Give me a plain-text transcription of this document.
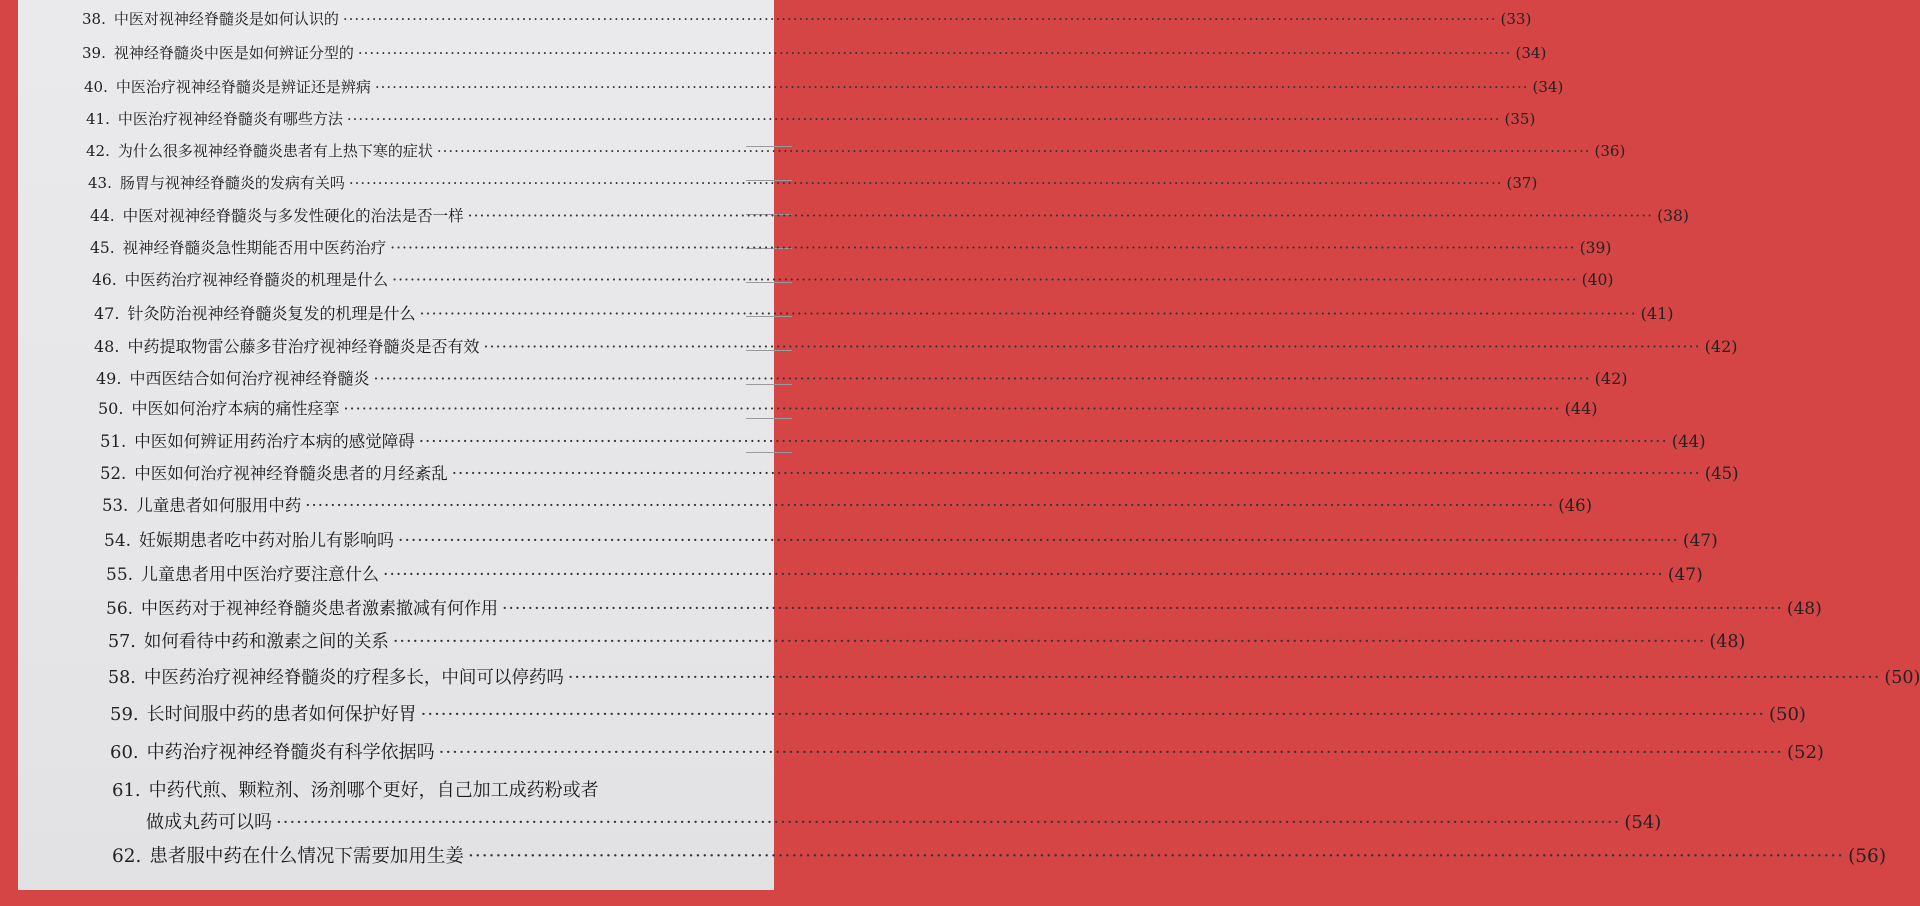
38. 中医对视神经脊髓炎是如何认识的 ········································································································································································································ (33)
39. 视神经脊髓炎中医是如何辨证分型的 ········································································································································································································ (34)
40. 中医治疗视神经脊髓炎是辨证还是辨病 ········································································································································································································ (34)
41. 中医治疗视神经脊髓炎有哪些方法 ········································································································································································································ (35)
42. 为什么很多视神经脊髓炎患者有上热下寒的症状 ········································································································································································································ (36)
43. 肠胃与视神经脊髓炎的发病有关吗 ········································································································································································································ (37)
44. 中医对视神经脊髓炎与多发性硬化的治法是否一样 ········································································································································································································ (38)
45. 视神经脊髓炎急性期能否用中医药治疗 ········································································································································································································ (39)
46. 中医药治疗视神经脊髓炎的机理是什么 ········································································································································································································ (40)
47. 针灸防治视神经脊髓炎复发的机理是什么 ········································································································································································································ (41)
48. 中药提取物雷公藤多苷治疗视神经脊髓炎是否有效 ········································································································································································································ (42)
49. 中西医结合如何治疗视神经脊髓炎 ········································································································································································································ (42)
50. 中医如何治疗本病的痛性痉挛 ········································································································································································································ (44)
51. 中医如何辨证用药治疗本病的感觉障碍 ········································································································································································································ (44)
52. 中医如何治疗视神经脊髓炎患者的月经紊乱 ········································································································································································································ (45)
53. 儿童患者如何服用中药 ········································································································································································································ (46)
54. 妊娠期患者吃中药对胎儿有影响吗 ········································································································································································································ (47)
55. 儿童患者用中医治疗要注意什么 ········································································································································································································ (47)
56. 中医药对于视神经脊髓炎患者激素撤减有何作用 ········································································································································································································ (48)
57. 如何看待中药和激素之间的关系 ········································································································································································································ (48)
58. 中医药治疗视神经脊髓炎的疗程多长，中间可以停药吗 ········································································································································································································ (50)
59. 长时间服中药的患者如何保护好胃 ········································································································································································································ (50)
60. 中药治疗视神经脊髓炎有科学依据吗 ········································································································································································································ (52)
61. 中药代煎、颗粒剂、汤剂哪个更好，自己加工成药粉或者
做成丸药可以吗 ········································································································································································································ (54)
62. 患者服中药在什么情况下需要加用生姜 ········································································································································································································ (56)
